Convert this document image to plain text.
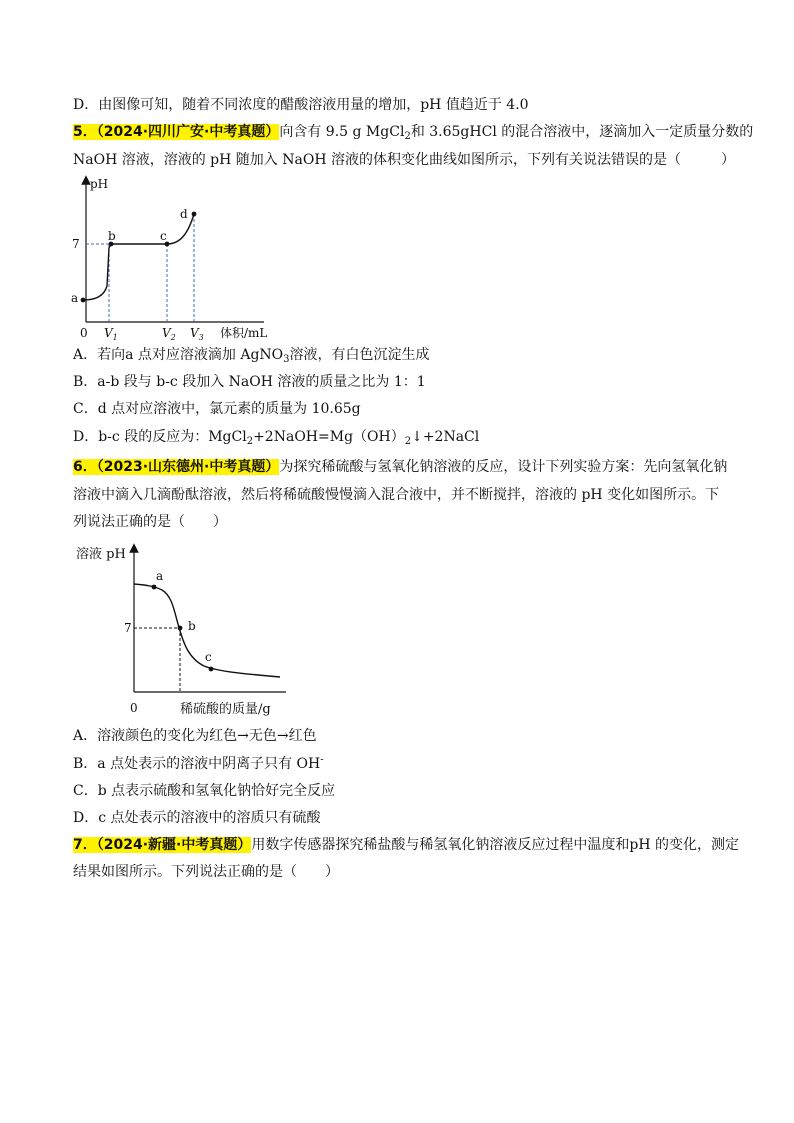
D．由图像可知，随着不同浓度的醋酸溶液用量的增加，pH 值趋近于 4.0
5．（2024·四川广安·中考真题）向含有 9.5 g MgCl$_2$和 3.65gHCl 的混合溶液中，逐滴加入一定质量分数的
NaOH 溶液，溶液的 pH 随加入 NaOH 溶液的体积变化曲线如图所示，下列有关说法错误的是（	）
pH
7
0 $V_1$	$V_2$ $V_3$ 体积/mL
a
b	c
d
A．若向a 点对应溶液滴加 AgNO$_3$溶液，有白色沉淀生成
B．a-b 段与 b-c 段加入 NaOH 溶液的质量之比为 1：1
C．d 点对应溶液中，氯元素的质量为 10.65g
D．b-c 段的反应为：$MgCl_2+2NaOH=Mg(OH)_2↓+2NaCl$
6．（2023·山东德州·中考真题）为探究稀硫酸与氢氧化钠溶液的反应，设计下列实验方案：先向氢氧化钠
溶液中滴入几滴酚酞溶液，然后将稀硫酸慢慢滴入混合液中，并不断搅拌，溶液的 pH 变化如图所示。下
列说法正确的是（　　）
溶液 pH
7
0	稀硫酸的质量/g
a
b
c
A．溶液颜色的变化为红色→无色→红色
B．a 点处表示的溶液中阴离子只有 OH-
C．b 点表示硫酸和氢氧化钠恰好完全反应
D．c 点处表示的溶液中的溶质只有硫酸
7．（2024·新疆·中考真题）用数字传感器探究稀盐酸与稀氢氧化钠溶液反应过程中温度和pH 的变化，测定
结果如图所示。下列说法正确的是（　　）
